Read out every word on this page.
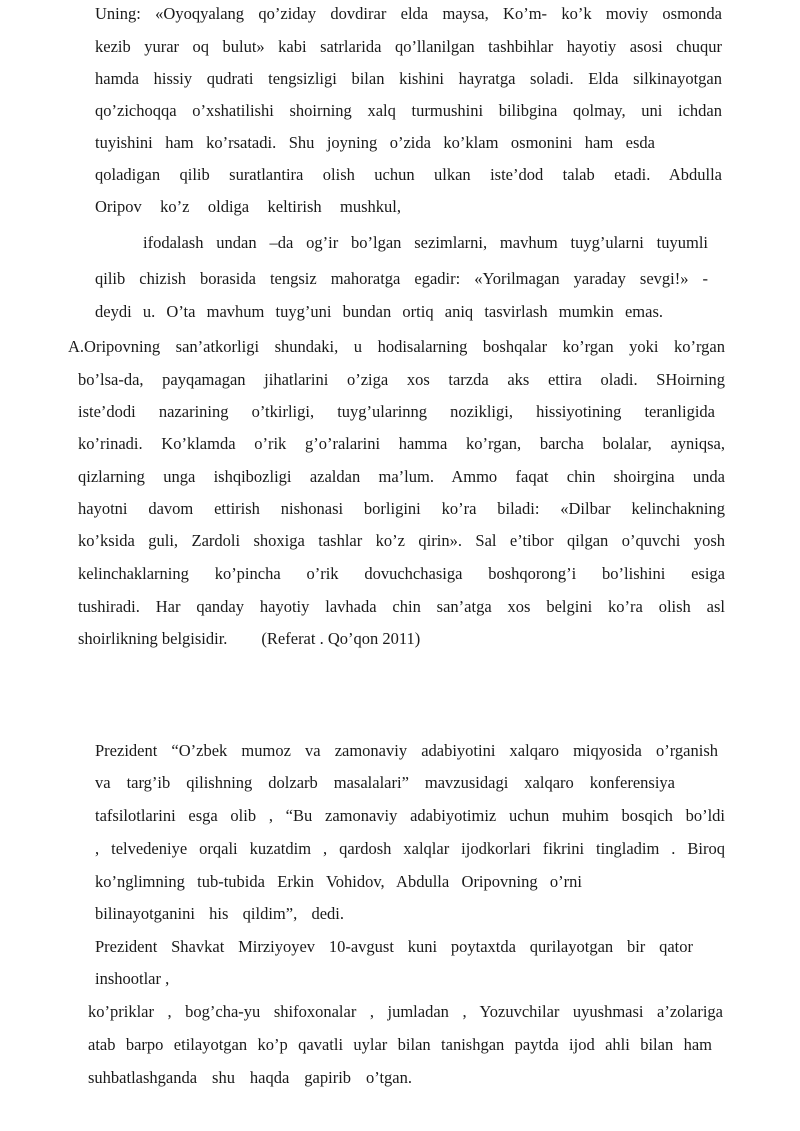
Uning: «Oyoqyalang qo’ziday dovdirar elda maysa, Ko’m- ko’k moviy osmonda
kezib yurar oq bulut» kabi satrlarida qo’llanilgan tashbihlar hayotiy asosi chuqur
hamda hissiy qudrati tengsizligi bilan kishini hayratga soladi. Elda silkinayotgan
qo’zichoqqa o’xshatilishi shoirning xalq turmushini bilibgina qolmay, uni ichdan
tuyishini ham ko’rsatadi. Shu joyning o’zida ko’klam osmonini ham esda
qoladigan qilib suratlantira olish uchun ulkan iste’dod talab etadi. Abdulla
Oripov ko’z oldiga keltirish mushkul,
ifodalash undan –da og’ir bo’lgan sezimlarni, mavhum tuyg’ularni tuyumli
qilib chizish borasida tengsiz mahoratga egadir: «Yorilmagan yaraday sevgi!» -
deydi u. O’ta mavhum tuyg’uni bundan ortiq aniq tasvirlash mumkin emas.
A.Oripovning san’atkorligi shundaki, u hodisalarning boshqalar ko’rgan yoki ko’rgan
bo’lsa-da, payqamagan jihatlarini o’ziga xos tarzda aks ettira oladi. SHoirning
iste’dodi nazarining o’tkirligi, tuyg’ularinng nozikligi, hissiyotining teranligida
ko’rinadi. Ko’klamda o’rik g’o’ralarini hamma ko’rgan, barcha bolalar, ayniqsa,
qizlarning unga ishqibozligi azaldan ma’lum. Ammo faqat chin shoirgina unda
hayotni davom ettirish nishonasi borligini ko’ra biladi: «Dilbar kelinchakning
ko’ksida guli, Zardoli shoxiga tashlar ko’z qirin». Sal e’tibor qilgan o’quvchi yosh
kelinchaklarning ko’pincha o’rik dovuchchasiga boshqorong’i bo’lishini esiga
tushiradi. Har qanday hayotiy lavhada chin san’atga xos belgini ko’ra olish asl
shoirlikning belgisidir. (Referat . Qo’qon 2011)
Prezident “O’zbek mumoz va zamonaviy adabiyotini xalqaro miqyosida o’rganish
va targ’ib qilishning dolzarb masalalari” mavzusidagi xalqaro konferensiya
tafsilotlarini esga olib , “Bu zamonaviy adabiyotimiz uchun muhim bosqich bo’ldi
, telvedeniye orqali kuzatdim , qardosh xalqlar ijodkorlari fikrini tingladim . Biroq
ko’nglimning tub-tubida Erkin Vohidov, Abdulla Oripovning o’rni
bilinayotganini his qildim”, dedi.
Prezident Shavkat Mirziyoyev 10-avgust kuni poytaxtda qurilayotgan bir qator
inshootlar ,
ko’priklar , bog’cha-yu shifoxonalar , jumladan , Yozuvchilar uyushmasi a’zolariga
atab barpo etilayotgan ko’p qavatli uylar bilan tanishgan paytda ijod ahli bilan ham
suhbatlashganda shu haqda gapirib o’tgan.
